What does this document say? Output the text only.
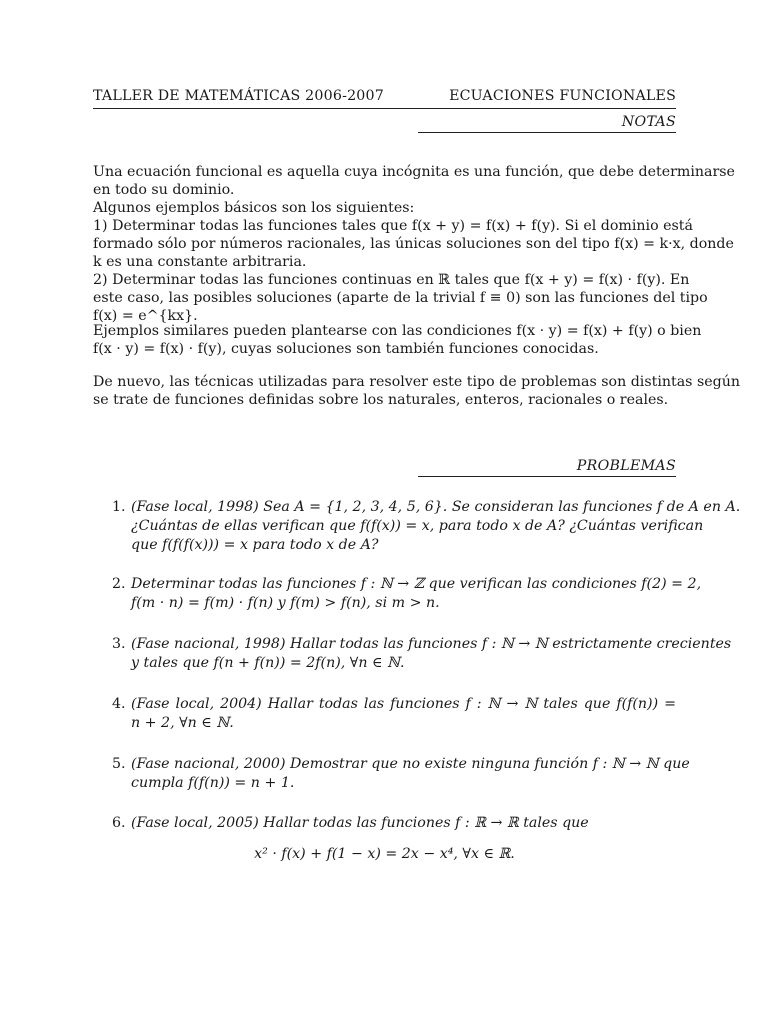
TALLER DE MATEMÁTICAS 2006-2007	ECUACIONES FUNCIONALES
NOTAS
Una ecuación funcional es aquella cuya incógnita es una función, que debe determinarse
en todo su dominio.
Algunos ejemplos básicos son los siguientes:
1) Determinar todas las funciones tales que f(x + y) = f(x) + f(y). Si el dominio está
formado sólo por números racionales, las únicas soluciones son del tipo f(x) = k·x, donde
k es una constante arbitraria.
2) Determinar todas las funciones continuas en ℝ tales que f(x + y) = f(x) · f(y). En
este caso, las posibles soluciones (aparte de la trivial f ≡ 0) son las funciones del tipo
f(x) = e^{kx}.
Ejemplos similares pueden plantearse con las condiciones f(x · y) = f(x) + f(y) o bien
f(x · y) = f(x) · f(y), cuyas soluciones son también funciones conocidas.
De nuevo, las técnicas utilizadas para resolver este tipo de problemas son distintas según
se trate de funciones definidas sobre los naturales, enteros, racionales o reales.
PROBLEMAS
1. (Fase local, 1998) Sea A = {1, 2, 3, 4, 5, 6}. Se consideran las funciones f de A en A.
¿Cuántas de ellas verifican que f(f(x)) = x, para todo x de A? ¿Cuántas verifican
que f(f(f(x))) = x para todo x de A?
2. Determinar todas las funciones f : ℕ → ℤ que verifican las condiciones f(2) = 2,
f(m · n) = f(m) · f(n) y f(m) > f(n), si m > n.
3. (Fase nacional, 1998) Hallar todas las funciones f : ℕ → ℕ estrictamente crecientes
y tales que f(n + f(n)) = 2f(n), ∀n ∈ ℕ.
4. (Fase local, 2004) Hallar todas las funciones f : ℕ → ℕ tales que f(f(n)) =
n + 2, ∀n ∈ ℕ.
5. (Fase nacional, 2000) Demostrar que no existe ninguna función f : ℕ → ℕ que
cumpla f(f(n)) = n + 1.
6. (Fase local, 2005) Hallar todas las funciones f : ℝ → ℝ tales que
x² · f(x) + f(1 − x) = 2x − x⁴, ∀x ∈ ℝ.
